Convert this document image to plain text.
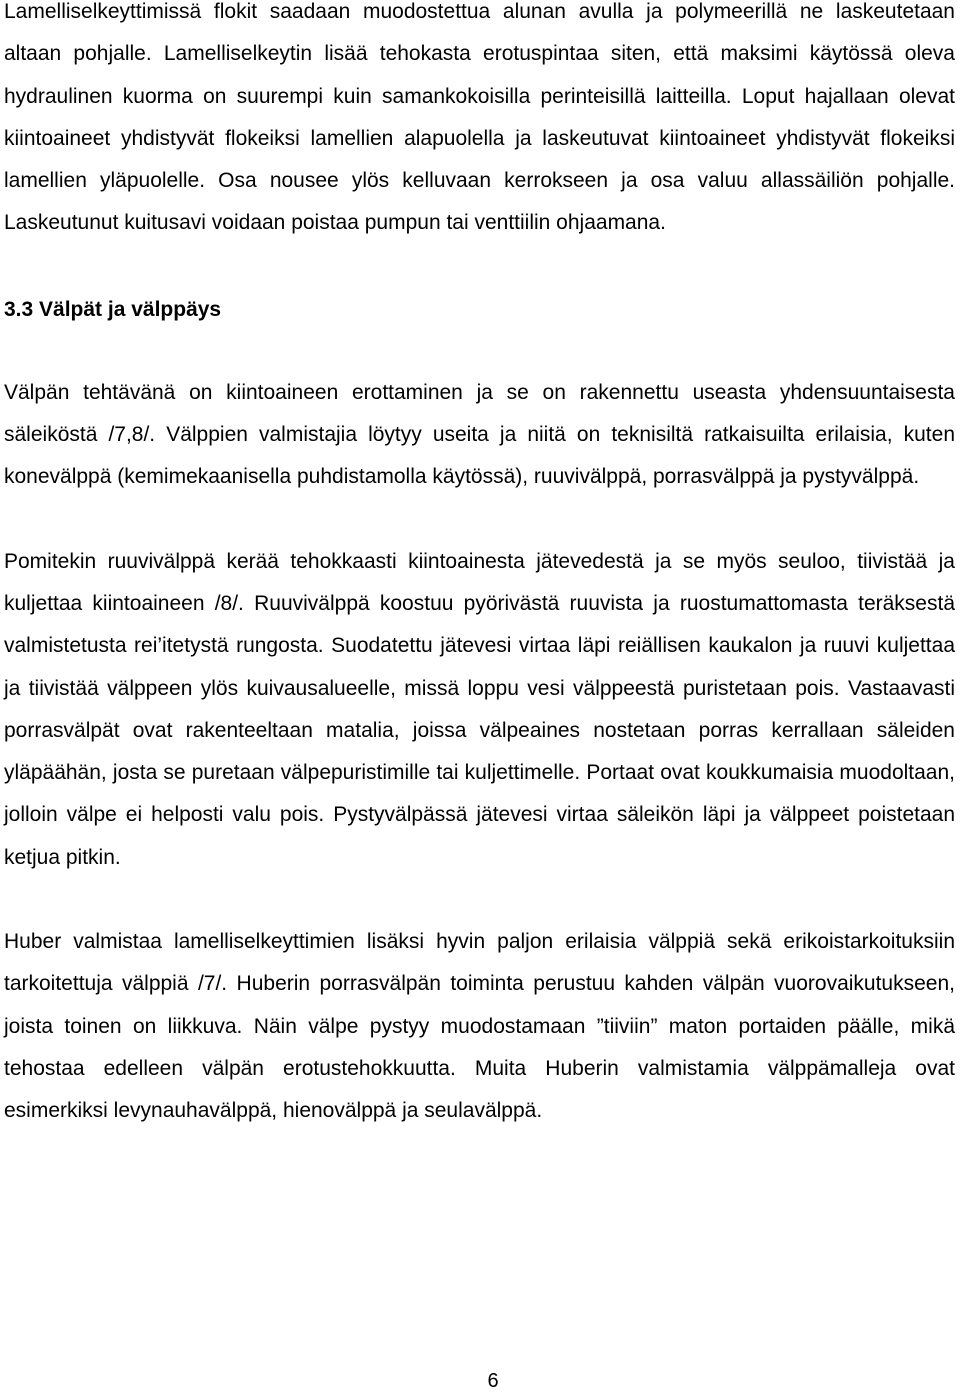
Lamelliselkeyttimissä flokit saadaan muodostettua alunan avulla ja polymeerillä ne laskeutetaan altaan pohjalle. Lamelliselkeytin lisää tehokasta erotuspintaa siten, että maksimi käytössä oleva hydraulinen kuorma on suurempi kuin samankokoisilla perinteisillä laitteilla. Loput hajallaan olevat kiintoaineet yhdistyvät flokeiksi lamellien alapuolella ja laskeutuvat kiintoaineet yhdistyvät flokeiksi lamellien yläpuolelle. Osa nousee ylös kelluvaan kerrokseen ja osa valuu allassäiliön pohjalle. Laskeutunut kuitusavi voidaan poistaa pumpun tai venttiilin ohjaamana.

3.3 Välpät ja välppäys

Välpän tehtävänä on kiintoaineen erottaminen ja se on rakennettu useasta yhdensuuntaisesta säleiköstä /7,8/. Välppien valmistajia löytyy useita ja niitä on teknisiltä ratkaisuilta erilaisia, kuten konevälppä (kemimekaanisella puhdistamolla käytössä), ruuvivälppä, porrasvälppä ja pystyvälppä.

Pomitekin ruuvivälppä kerää tehokkaasti kiintoainesta jätevedestä ja se myös seuloo, tiivistää ja kuljettaa kiintoaineen /8/. Ruuvivälppä koostuu pyörivästä ruuvista ja ruostumattomasta teräksestä valmistetusta rei’itetystä rungosta. Suodatettu jätevesi virtaa läpi reiällisen kaukalon ja ruuvi kuljettaa ja tiivistää välppeen ylös kuivausalueelle, missä loppu vesi välppeestä puristetaan pois. Vastaavasti porrasvälpät ovat rakenteeltaan matalia, joissa välpeaines nostetaan porras kerrallaan säleiden yläpäähän, josta se puretaan välpepuristimille tai kuljettimelle. Portaat ovat koukkumaisia muodoltaan, jolloin välpe ei helposti valu pois. Pystyvälpässä jätevesi virtaa säleikön läpi ja välppeet poistetaan ketjua pitkin.

Huber valmistaa lamelliselkeyttimien lisäksi hyvin paljon erilaisia välppiä sekä erikoistarkoituksiin tarkoitettuja välppiä /7/. Huberin porrasvälpän toiminta perustuu kahden välpän vuorovaikutukseen, joista toinen on liikkuva. Näin välpe pystyy muodostamaan ”tiiviin” maton portaiden päälle, mikä tehostaa edelleen välpän erotustehokkuutta. Muita Huberin valmistamia välppämalleja ovat esimerkiksi levynauhavälppä, hienovälppä ja seulavälppä.

6
